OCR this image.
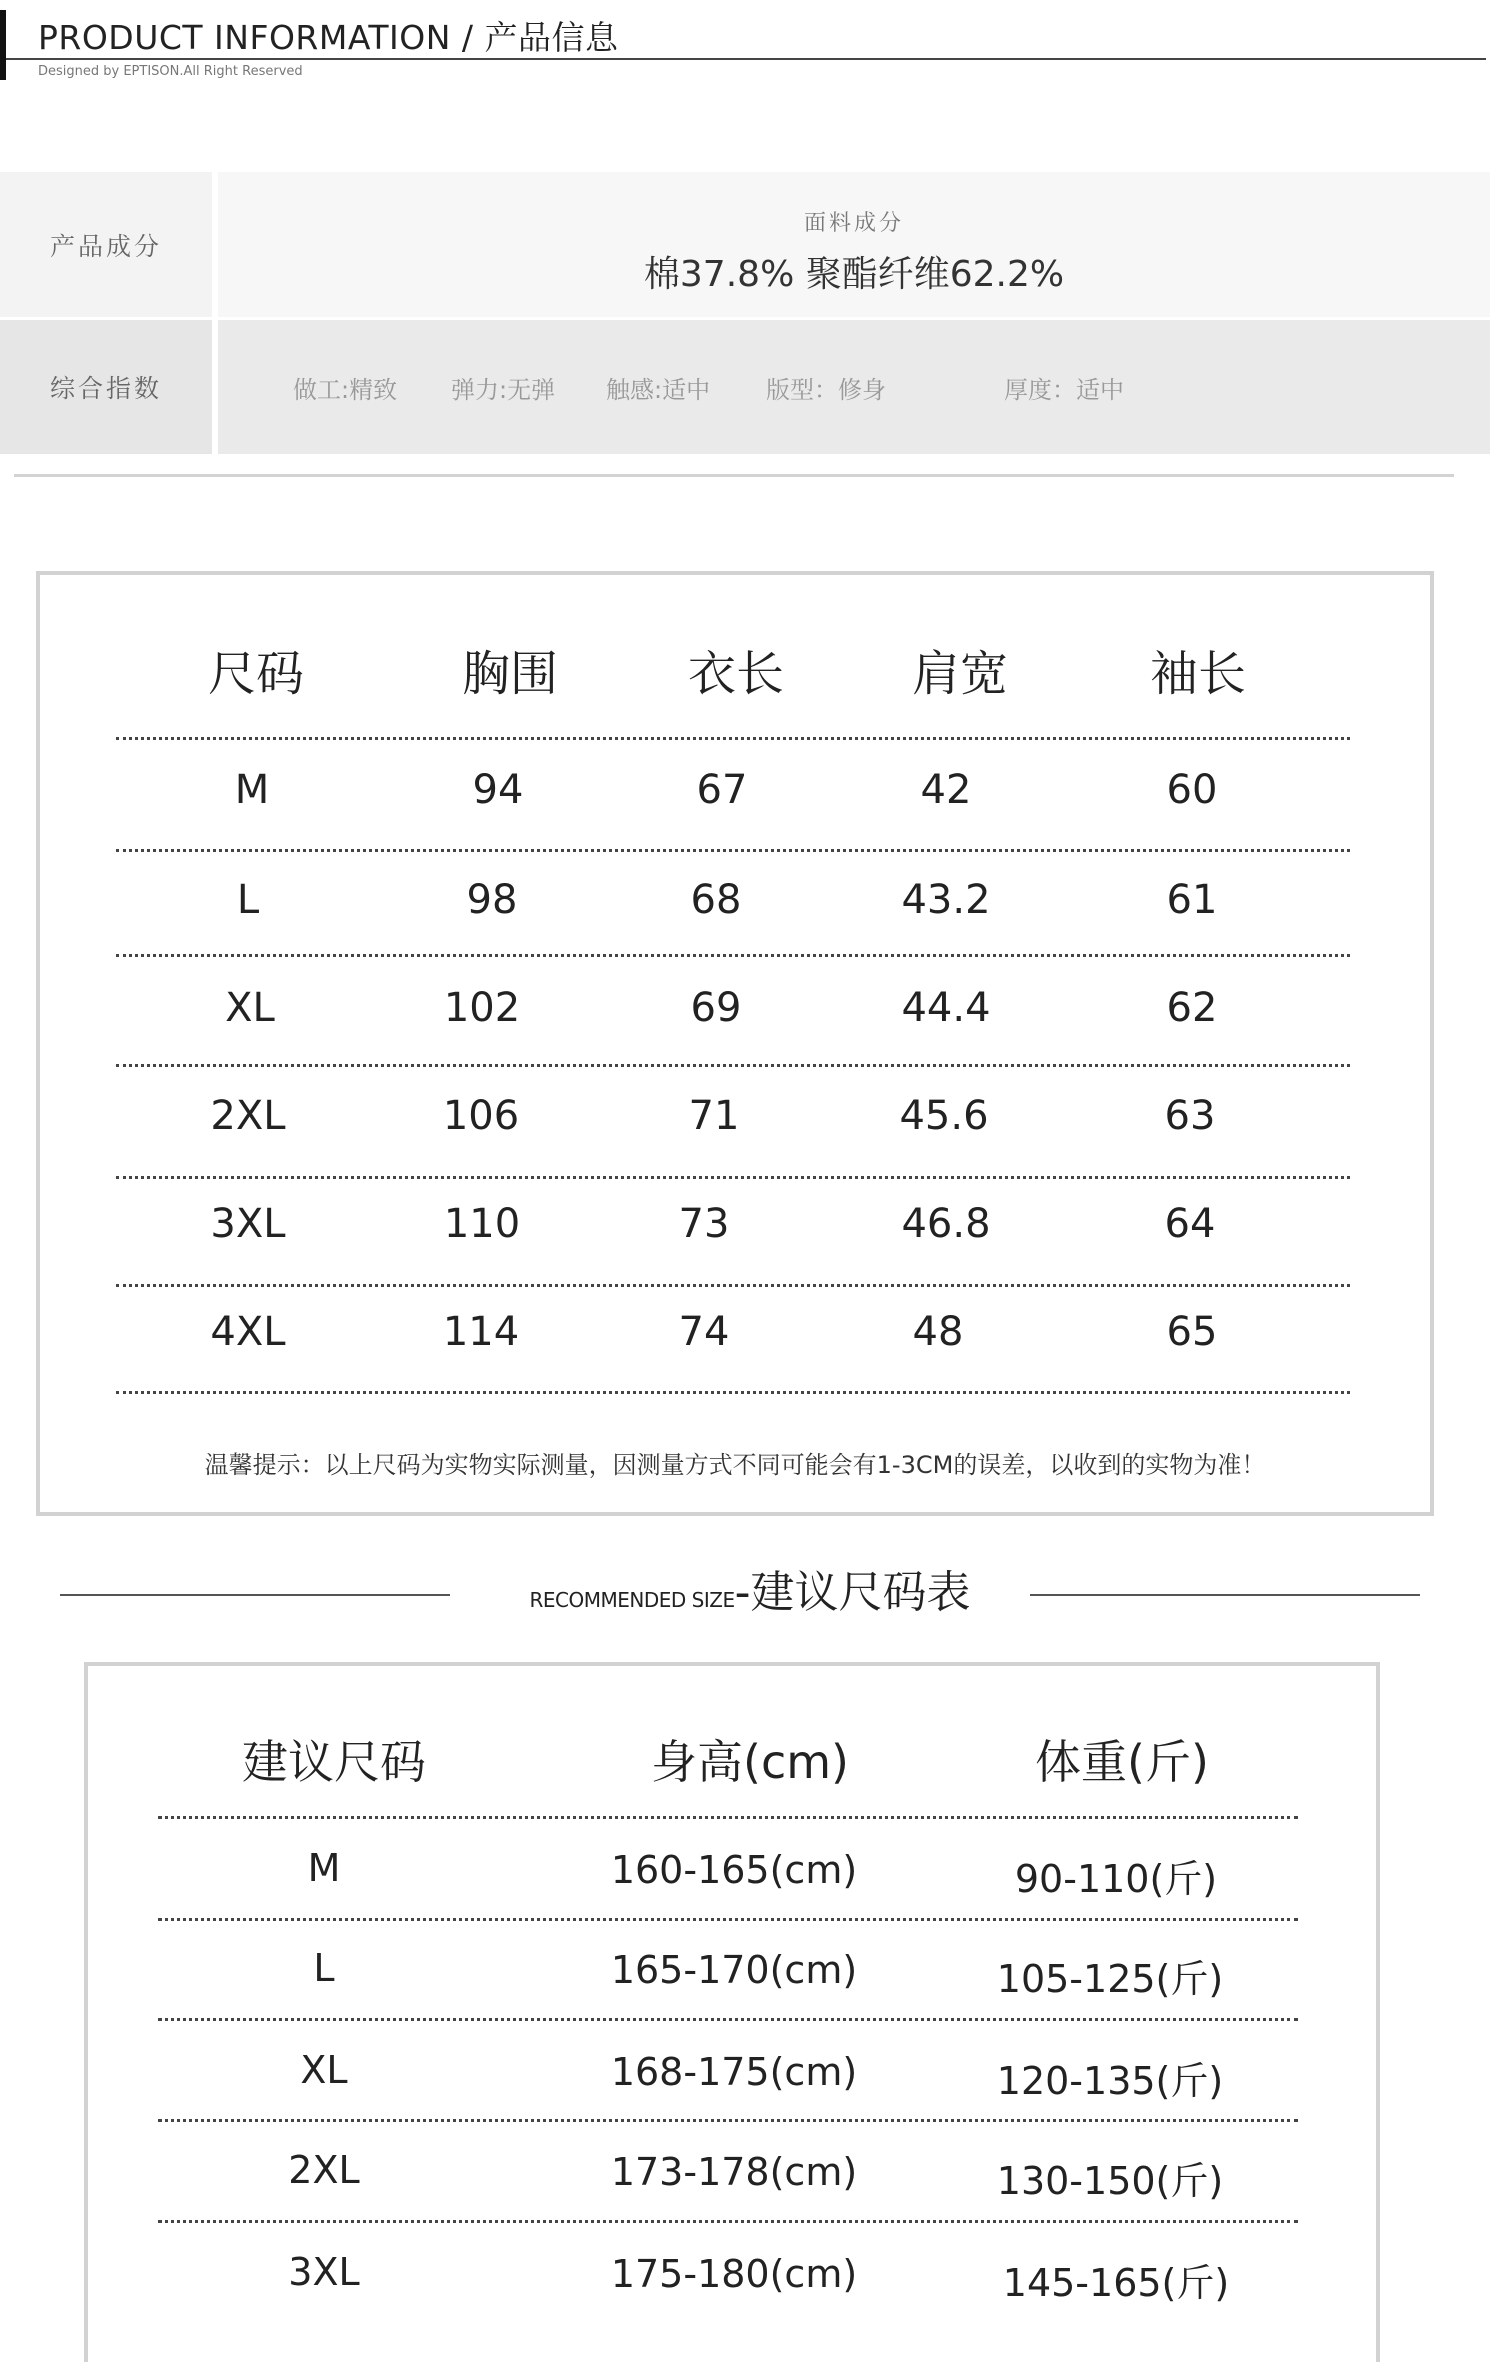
PRODUCT INFORMATION / 产品信息
Designed by EPTISON.All Right Reserved
产品成分
面料成分
棉37.8% 聚酯纤维62.2%
综合指数	做工:精致 弹力:无弹 触感:适中 版型：修身	厚度：适中
尺码	胸围	衣长	肩宽	袖长
M	94	67	42	60
L	98	68	43.2	61
XL	102	69	44.4	62
2XL	106	71	45.6	63
3XL	110	73	46.8	64
4XL	114	74	48	65
温馨提示：以上尺码为实物实际测量，因测量方式不同可能会有1-3CM的误差，以收到的实物为准！
RECOMMENDED SIZE-建议尺码表
建议尺码	身高(cm)	体重(斤)
M	160-165(cm)	90-110(斤)
L	165-170(cm)	105-125(斤)
XL	168-175(cm)	120-135(斤)
2XL	173-178(cm)	130-150(斤)
3XL	175-180(cm)	145-165(斤)
